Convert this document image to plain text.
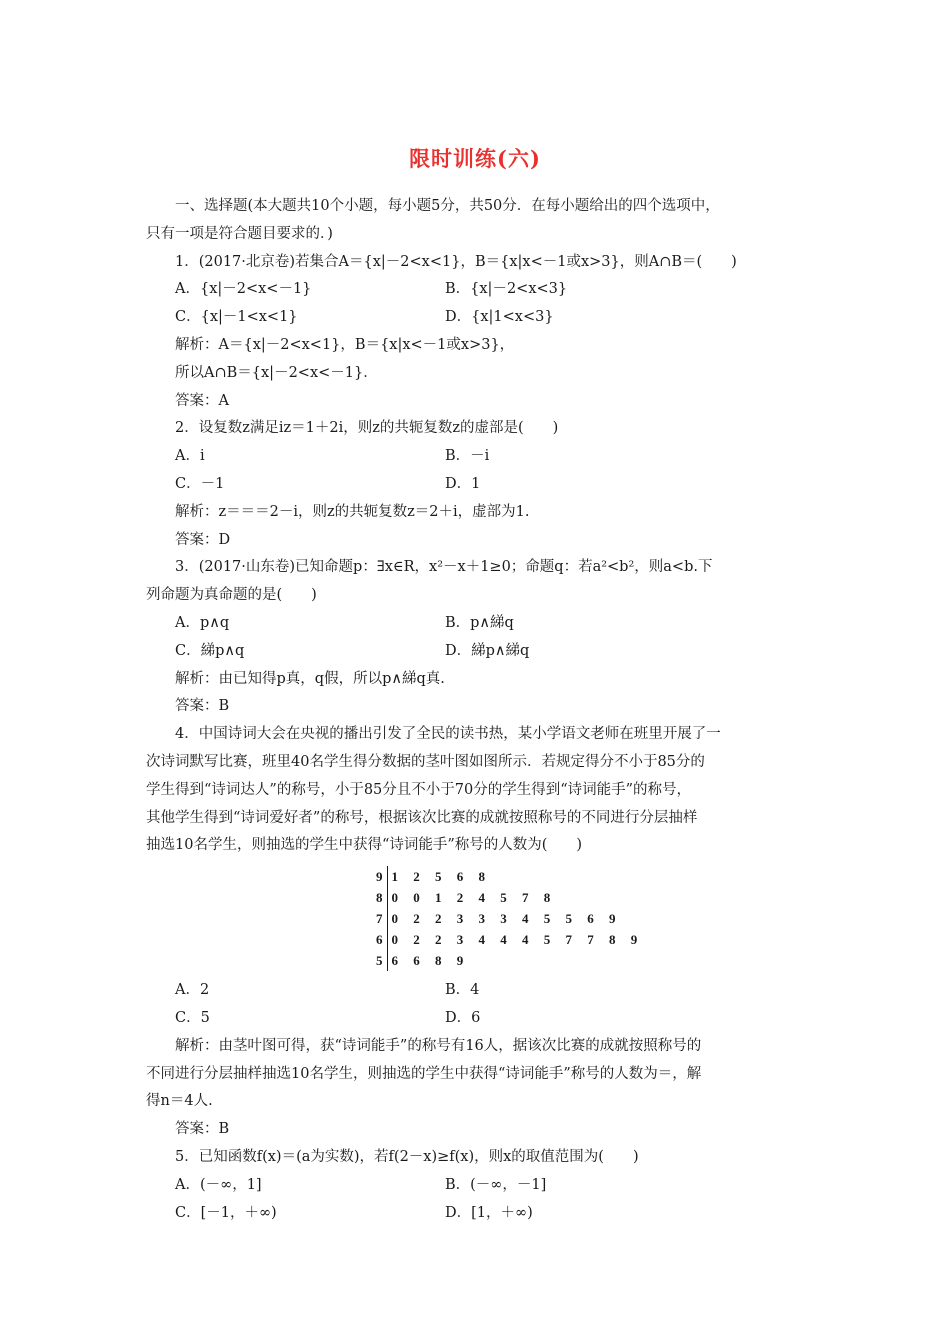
限时训练(六)
一、选择题(本大题共10个小题，每小题5分，共50分．在每小题给出的四个选项中，
只有一项是符合题目要求的．)
1．(2017·北京卷)若集合A＝{x|－2<x<1}，B＝{x|x<－1或x>3}，则A∩B＝(　　)
A．{x|－2<x<－1}	B．{x|－2<x<3}
C．{x|－1<x<1}	D．{x|1<x<3}
解析：A＝{x|－2<x<1}，B＝{x|x<－1或x>3}，
所以A∩B＝{x|－2<x<－1}．
答案：A
2．设复数z满足iz＝1＋2i，则z的共轭复数z的虚部是(　　)
A．i	B．－i
C．－1	D．1
解析：z＝＝＝2－i，则z的共轭复数z＝2＋i，虚部为1.
答案：D
3．(2017·山东卷)已知命题p：∃x∈R，x²－x＋1≥0；命题q：若a²<b²，则a<b.下
列命题为真命题的是(　　)
A．p∧q	B．p∧綈q
C．綈p∧q	D．綈p∧綈q
解析：由已知得p真，q假，所以p∧綈q真.
答案：B
4．中国诗词大会在央视的播出引发了全民的读书热，某小学语文老师在班里开展了一
次诗词默写比赛，班里40名学生得分数据的茎叶图如图所示．若规定得分不小于85分的
学生得到“诗词达人”的称号，小于85分且不小于70分的学生得到“诗词能手”的称号，
其他学生得到“诗词爱好者”的称号，根据该次比赛的成就按照称号的不同进行分层抽样
抽选10名学生，则抽选的学生中获得“诗词能手”称号的人数为(　　)
9	1 2 5 6 8
8	0 0 1 2 4 5 7 8
7	0 2 2 3 3 3 4 5 5 6 9
6	0 2 2 3 4 4 4 5 7 7 8 9
5	6 6 8 9
A．2	B．4
C．5	D．6
解析：由茎叶图可得，获“诗词能手”的称号有16人，据该次比赛的成就按照称号的
不同进行分层抽样抽选10名学生，则抽选的学生中获得“诗词能手”称号的人数为＝，解
得n＝4人.
答案：B
5．已知函数f(x)＝(a为实数)，若f(2－x)≥f(x)，则x的取值范围为(　　)
A．(－∞，1]	B．(－∞，－1]
C．[－1，＋∞)	D．[1，＋∞)
